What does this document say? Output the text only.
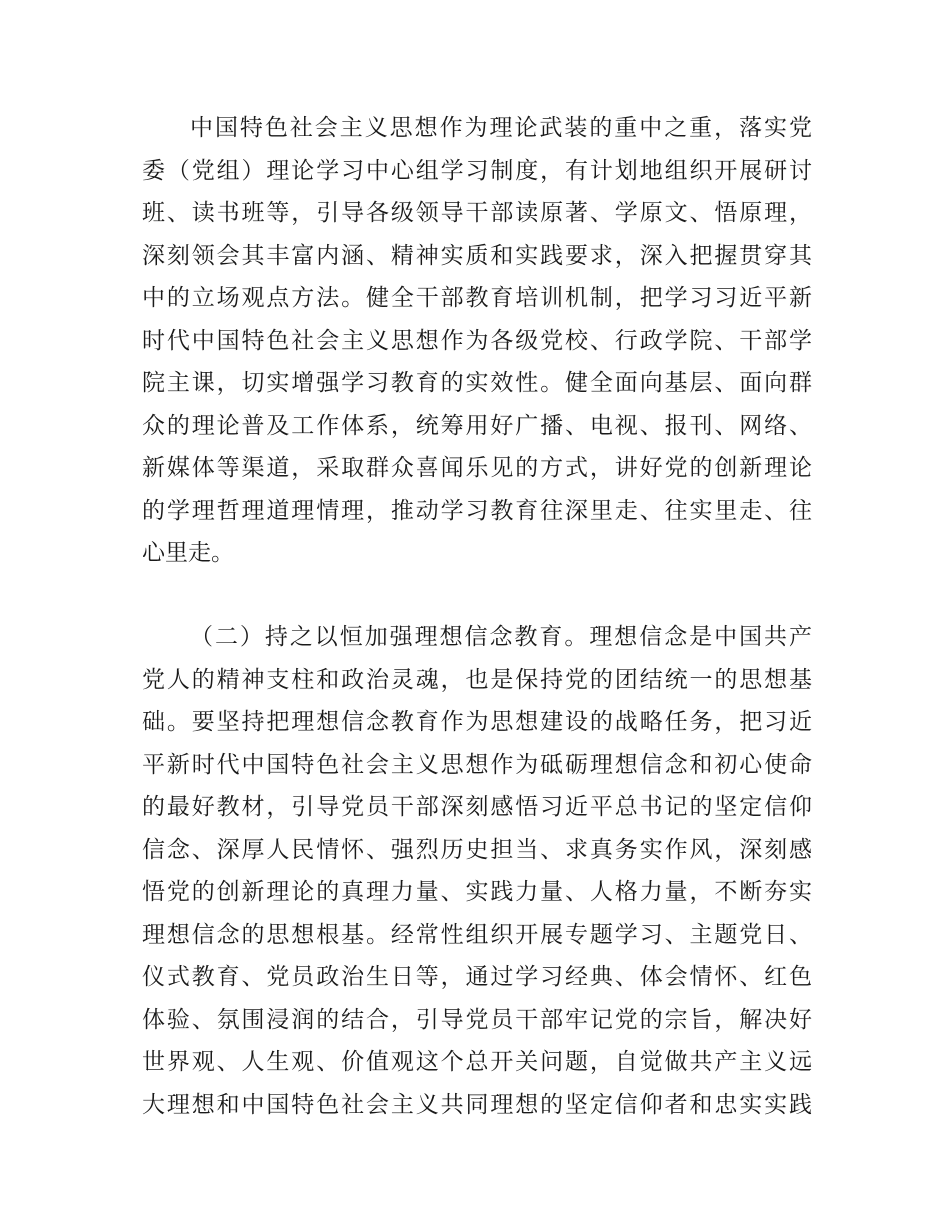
中国特色社会主义思想作为理论武装的重中之重，落实党
委（党组）理论学习中心组学习制度，有计划地组织开展研讨
班、读书班等，引导各级领导干部读原著、学原文、悟原理，
深刻领会其丰富内涵、精神实质和实践要求，深入把握贯穿其
中的立场观点方法。健全干部教育培训机制，把学习习近平新
时代中国特色社会主义思想作为各级党校、行政学院、干部学
院主课，切实增强学习教育的实效性。健全面向基层、面向群
众的理论普及工作体系，统筹用好广播、电视、报刊、网络、
新媒体等渠道，采取群众喜闻乐见的方式，讲好党的创新理论
的学理哲理道理情理，推动学习教育往深里走、往实里走、往
心里走。
（二）持之以恒加强理想信念教育。理想信念是中国共产
党人的精神支柱和政治灵魂，也是保持党的团结统一的思想基
础。要坚持把理想信念教育作为思想建设的战略任务，把习近
平新时代中国特色社会主义思想作为砥砺理想信念和初心使命
的最好教材，引导党员干部深刻感悟习近平总书记的坚定信仰
信念、深厚人民情怀、强烈历史担当、求真务实作风，深刻感
悟党的创新理论的真理力量、实践力量、人格力量，不断夯实
理想信念的思想根基。经常性组织开展专题学习、主题党日、
仪式教育、党员政治生日等，通过学习经典、体会情怀、红色
体验、氛围浸润的结合，引导党员干部牢记党的宗旨，解决好
世界观、人生观、价值观这个总开关问题，自觉做共产主义远
大理想和中国特色社会主义共同理想的坚定信仰者和忠实实践
